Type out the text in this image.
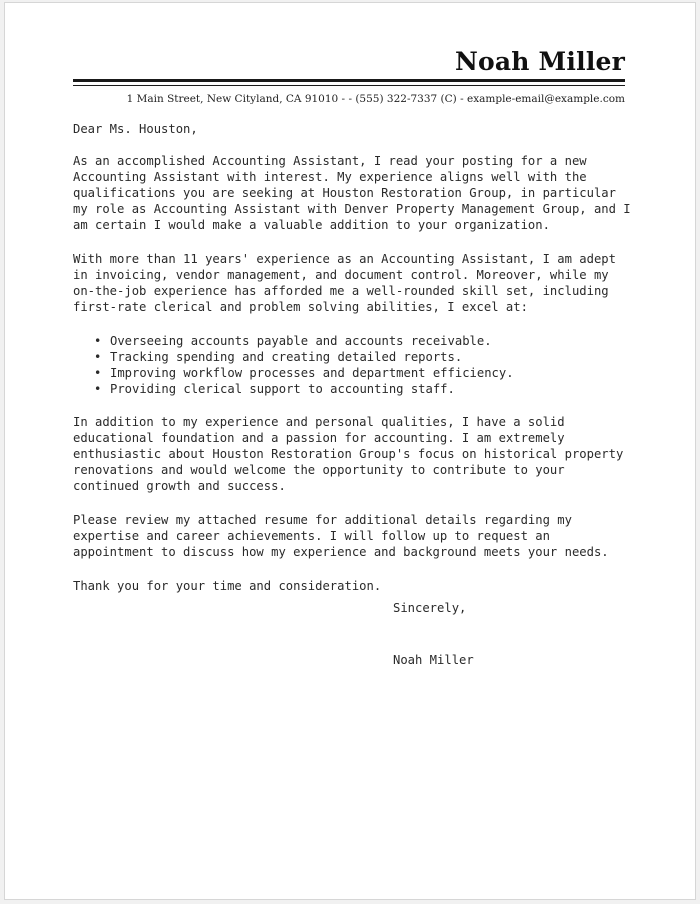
Noah Miller
1 Main Street, New Cityland, CA 91010 - - (555) 322-7337 (C) - example-email@example.com

Dear Ms. Houston,

As an accomplished Accounting Assistant, I read your posting for a new Accounting Assistant with interest. My experience aligns well with the qualifications you are seeking at Houston Restoration Group, in particular my role as Accounting Assistant with Denver Property Management Group, and I am certain I would make a valuable addition to your organization.

With more than 11 years' experience as an Accounting Assistant, I am adept in invoicing, vendor management, and document control. Moreover, while my on-the-job experience has afforded me a well-rounded skill set, including first-rate clerical and problem solving abilities, I excel at:

• Overseeing accounts payable and accounts receivable.
• Tracking spending and creating detailed reports.
• Improving workflow processes and department efficiency.
• Providing clerical support to accounting staff.

In addition to my experience and personal qualities, I have a solid educational foundation and a passion for accounting. I am extremely enthusiastic about Houston Restoration Group's focus on historical property renovations and would welcome the opportunity to contribute to your continued growth and success.

Please review my attached resume for additional details regarding my expertise and career achievements. I will follow up to request an appointment to discuss how my experience and background meets your needs.

Thank you for your time and consideration.

Sincerely,
Noah Miller
